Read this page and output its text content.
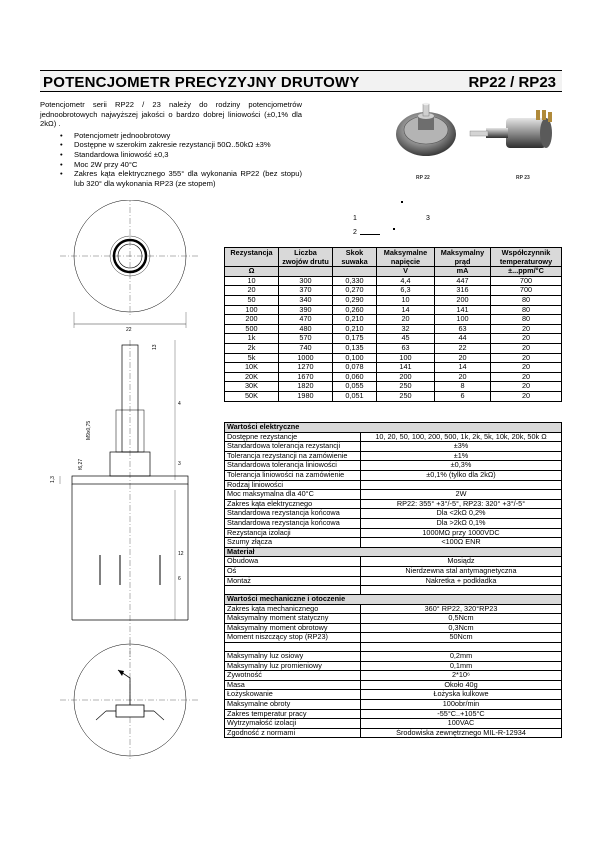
POTENCJOMETR PRECYZYJNY DRUTOWY	RP22 / RP23

Potencjometr serii RP22 / 23 należy do rodziny potencjometrów jednoobrotowych najwyższej jakości o bardzo dobrej liniowości (±0,1% dla 2kΩ) .

• Potencjometr jednoobrotowy
• Dostępne w szerokim zakresie rezystancji 50Ω..50kΩ ±3%
• Standardowa liniowość ±0,3
• Moc 2W przy 40°C
• Zakres kąta elektrycznego 355° dla wykonania RP22 (bez stopu) lub 320° dla wykonania RP23 (ze stopem)
RP 22	RP 23
1	3
2
22
M9x0,75
f6,27
1,3
13
4
3
12
6
Rezystancja	Liczba zwojów drutu	Skok suwaka	Maksymalne napięcie	Maksymalny prąd	Współczynnik temperaturowy
Ω			V	mA	±...ppm/°C
10	300	0,330	4,4	447	700
20	370	0,270	6,3	316	700
50	340	0,290	10	200	80
100	390	0,260	14	141	80
200	470	0,210	20	100	80
500	480	0,210	32	63	20
1k	570	0,175	45	44	20
2k	740	0,135	63	22	20
5k	1000	0,100	100	20	20
10K	1270	0,078	141	14	20
20K	1670	0,060	200	20	20
30K	1820	0,055	250	8	20
50K	1980	0,051	250	6	20
Wartości elektryczne	
Dostępne rezystancje	10, 20, 50, 100, 200, 500, 1k, 2k, 5k, 10k, 20k, 50k Ω
Standardowa tolerancja rezystancji	±3%
Tolerancja rezystancji na zamówienie	±1%
Standardowa tolerancja liniowości	±0,3%
Tolerancja liniowości na zamówienie	±0,1% (tylko dla 2kΩ)
Rodzaj liniowości	
Moc maksymalna dla 40°C	2W
Zakres kąta elektrycznego	RP22: 355° +3°/-5°, RP23: 320° +3°/-5°
Standardowa rezystancja końcowa	Dla <2kΩ 0,2%
Standardowa rezystancja końcowa	Dla >2kΩ 0,1%
Rezystancja izolacji	1000MΩ przy 1000VDC
Szumy złącza	<100Ω ENR
Materiał	
Obudowa	Mosiądz
Oś	Nierdzewna stal antymagnetyczna
Montaż	Nakretka + podkładka

Wartości mechaniczne i otoczenie	
Zakres kąta mechanicznego	360° RP22, 320°RP23
Maksymalny moment statyczny	0,5Ncm
Maksymalny moment obrotowy	0,3Ncm
Moment niszczący stop (RP23)	50Ncm

Maksymalny luz osiowy	0,2mm
Maksymalny luz promieniowy	0,1mm
Żywotność	2*10⁶
Masa	Około 40g
Łożyskowanie	Łożyska kulkowe
Maksymalne obroty	100obr/min
Zakres temperatur pracy	-55°C..+105°C
Wytrzymałość izolacji	100VAC
Zgodność z normami	Środowiska zewnętrznego MIL-R-12934
